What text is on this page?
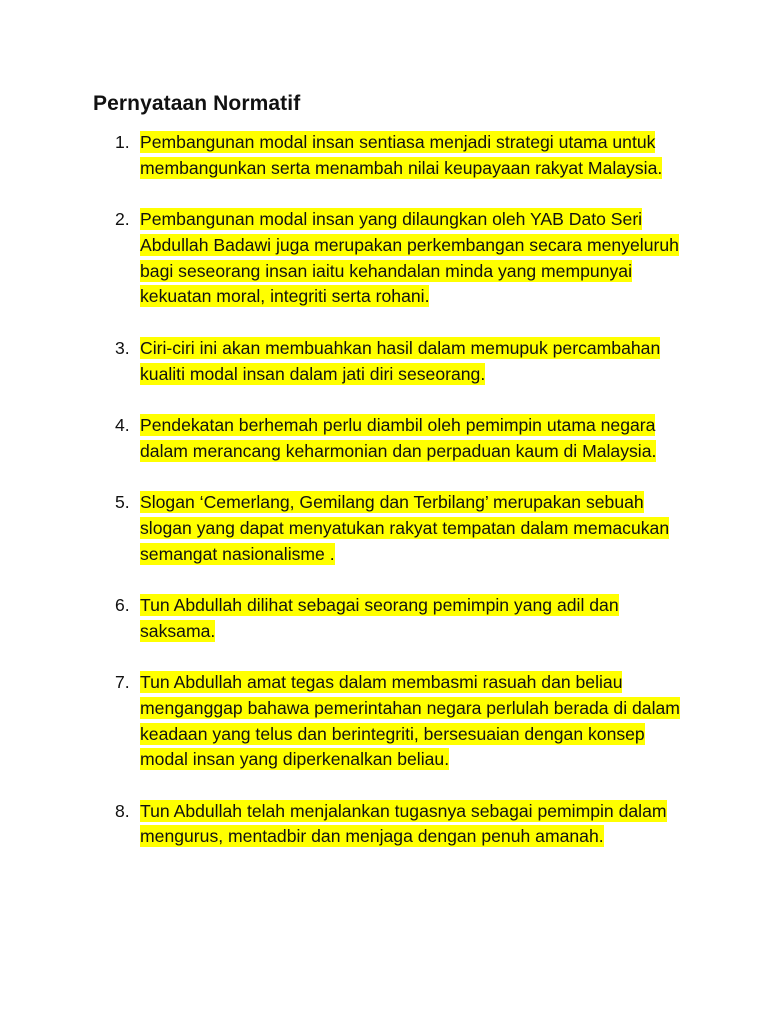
Pernyataan Normatif
1. Pembangunan modal insan sentiasa menjadi strategi utama untuk membangunkan serta menambah nilai keupayaan rakyat Malaysia.
2. Pembangunan modal insan yang dilaungkan oleh YAB Dato Seri Abdullah Badawi juga merupakan perkembangan secara menyeluruh bagi seseorang insan iaitu kehandalan minda yang mempunyai kekuatan moral, integriti serta rohani.
3. Ciri-ciri ini akan membuahkan hasil dalam memupuk percambahan kualiti modal insan dalam jati diri seseorang.
4. Pendekatan berhemah perlu diambil oleh pemimpin utama negara dalam merancang keharmonian dan perpaduan kaum di Malaysia.
5. Slogan ‘Cemerlang, Gemilang dan Terbilang’ merupakan sebuah slogan yang dapat menyatukan rakyat tempatan dalam memacukan semangat nasionalisme .
6. Tun Abdullah dilihat sebagai seorang pemimpin yang adil dan saksama.
7. Tun Abdullah amat tegas dalam membasmi rasuah dan beliau menganggap bahawa pemerintahan negara perlulah berada di dalam keadaan yang telus dan berintegriti, bersesuaian dengan konsep modal insan yang diperkenalkan beliau.
8. Tun Abdullah telah menjalankan tugasnya sebagai pemimpin dalam mengurus, mentadbir dan menjaga dengan penuh amanah.
